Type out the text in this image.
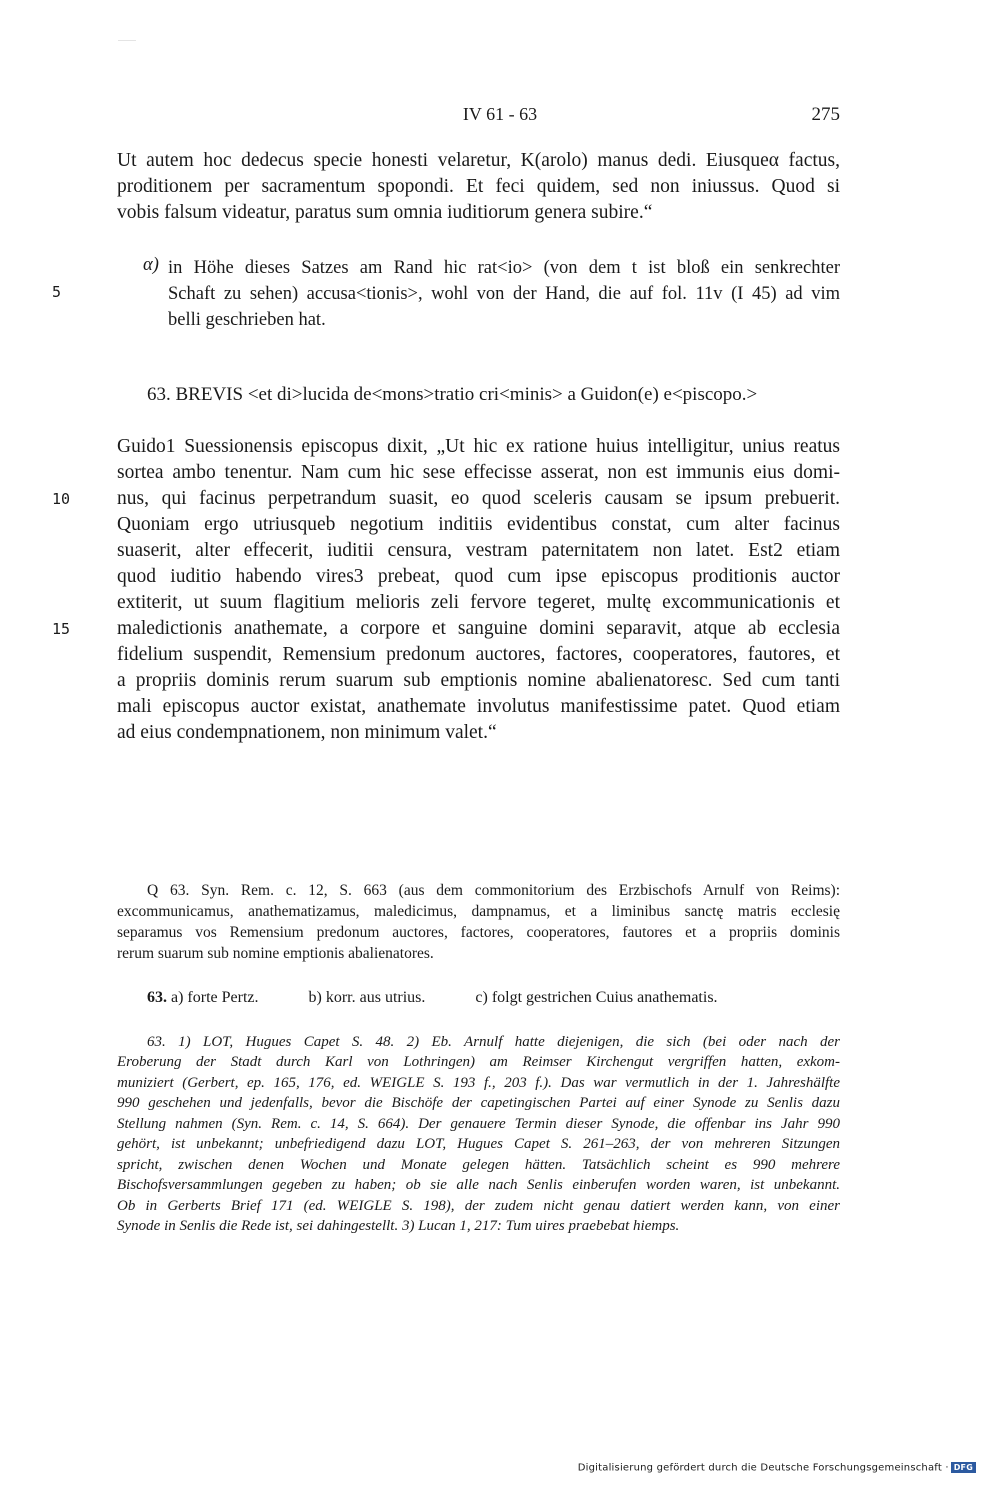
IV 61 - 63	275
Ut autem hoc dedecus specie honesti velaretur, K(arolo) manus dedi. Eiusqueα factus,
proditionem per sacramentum spopondi. Et feci quidem, sed non iniussus. Quod si
vobis falsum videatur, paratus sum omnia iuditiorum genera subire.“
α) in Höhe dieses Satzes am Rand hic rat<io> (von dem t ist bloß ein senkrechter
5	Schaft zu sehen) accusa<tionis>, wohl von der Hand, die auf fol. 11v (I 45) ad vim
belli geschrieben hat.
63. BREVIS <et di>lucida de<mons>tratio cri<minis> a Guidon(e) e<piscopo.>
Guido1 Suessionensis episcopus dixit, „Ut hic ex ratione huius intelligitur, unius reatus
sortea ambo tenentur. Nam cum hic sese effecisse asserat, non est immunis eius domi-
10 nus, qui facinus perpetrandum suasit, eo quod sceleris causam se ipsum prebuerit.
Quoniam ergo utriusqueb negotium inditiis evidentibus constat, cum alter facinus
suaserit, alter effecerit, iuditii censura, vestram paternitatem non latet. Est2 etiam
quod iuditio habendo vires3 prebeat, quod cum ipse episcopus proditionis auctor
extiterit, ut suum flagitium melioris zeli fervore tegeret, multę excommunicationis et
15 maledictionis anathemate, a corpore et sanguine domini separavit, atque ab ecclesia
fidelium suspendit, Remensium predonum auctores, factores, cooperatores, fautores, et
a propriis dominis rerum suarum sub emptionis nomine abalienatoresc. Sed cum tanti
mali episcopus auctor existat, anathemate involutus manifestissime patet. Quod etiam
ad eius condempnationem, non minimum valet.“
Q 63. Syn. Rem. c. 12, S. 663 (aus dem commonitorium des Erzbischofs Arnulf von Reims):
excommunicamus, anathematizamus, maledicimus, dampnamus, et a liminibus sanctę matris ecclesię
separamus vos Remensium predonum auctores, factores, cooperatores, fautores et a propriis dominis
rerum suarum sub nomine emptionis abalienatores.
63. a) forte Pertz.	b) korr. aus utrius.	c) folgt gestrichen Cuius anathematis.
63. 1) LOT, Hugues Capet S. 48. 2) Eb. Arnulf hatte diejenigen, die sich (bei oder nach der
Eroberung der Stadt durch Karl von Lothringen) am Reimser Kirchengut vergriffen hatten, exkom-
muniziert (Gerbert, ep. 165, 176, ed. WEIGLE S. 193 f., 203 f.). Das war vermutlich in der 1. Jahreshälfte
990 geschehen und jedenfalls, bevor die Bischöfe der capetingischen Partei auf einer Synode zu Senlis dazu
Stellung nahmen (Syn. Rem. c. 14, S. 664). Der genauere Termin dieser Synode, die offenbar ins Jahr 990
gehört, ist unbekannt; unbefriedigend dazu LOT, Hugues Capet S. 261–263, der von mehreren Sitzungen
spricht, zwischen denen Wochen und Monate gelegen hätten. Tatsächlich scheint es 990 mehrere
Bischofsversammlungen gegeben zu haben; ob sie alle nach Senlis einberufen worden waren, ist unbekannt.
Ob in Gerberts Brief 171 (ed. WEIGLE S. 198), der zudem nicht genau datiert werden kann, von einer
Synode in Senlis die Rede ist, sei dahingestellt. 3) Lucan 1, 217: Tum uires praebebat hiemps.
Digitalisierung gefördert durch die Deutsche Forschungsgemeinschaft · DFG
